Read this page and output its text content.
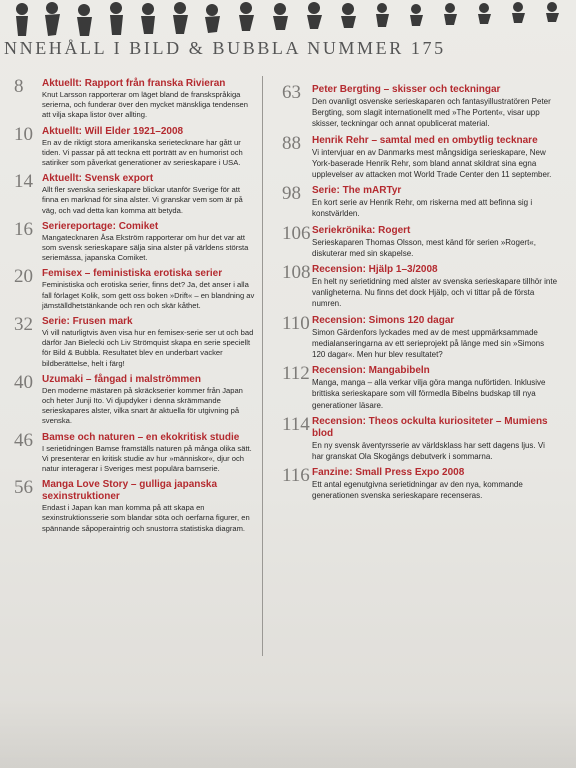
NNEHÅLL I BILD & BUBBLA NUMMER 175
8 Aktuellt: Rapport från franska Rivieran
Knut Larsson rapporterar om läget bland de franskspråkiga serierna, och funderar över den mycket mänskliga tendensen att vilja skapa listor över allting.
10 Aktuellt: Will Elder 1921–2008
En av de riktigt stora amerikanska serietecknare har gått ur tiden. Vi passar på att teckna ett porträtt av en humorist och satiriker som påverkat generationer av serieskapare i USA.
14 Aktuellt: Svensk export
Allt fler svenska serieskapare blickar utanför Sverige för att finna en marknad för sina alster. Vi granskar vem som är på väg, och vad detta kan komma att betyda.
16 Seriereportage: Comiket
Mangatecknaren Åsa Ekström rapporterar om hur det var att som svensk serieskapare sälja sina alster på världens största seriemässa, japanska Comiket.
20 Femisex – feministiska erotiska serier
Feministiska och erotiska serier, finns det? Ja, det anser i alla fall förlaget Kolik, som gett oss boken »Drift« – en blandning av jämställdhetstänkande och ren och skär kåthet.
32 Serie: Frusen mark
Vi vill naturligtvis även visa hur en femisex-serie ser ut och bad därför Jan Bielecki och Liv Strömquist skapa en serie speciellt för Bild & Bubbla. Resultatet blev en underbart vacker bildberättelse, helt i färg!
40 Uzumaki – fångad i malströmmen
Den moderne mästaren på skräckserier kommer från Japan och heter Junji Ito. Vi djupdyker i denna skrämmande serieskapares alster, vilka snart är aktuella för utgivning på svenska.
46 Bamse och naturen – en ekokritisk studie
I serietidningen Bamse framställs naturen på många olika sätt. Vi presenterar en kritisk studie av hur »människor«, djur och natur interagerar i Sveriges mest populära barnserie.
56 Manga Love Story – gulliga japanska sexinstruktioner
Endast i Japan kan man komma på att skapa en sexinstruktionsserie som blandar söta och oerfarna figurer, en spännande såpoperaintrig och snustorra statistiska diagram.
63 Peter Bergting – skisser och teckningar
Den ovanligt osvenske serieskaparen och fantasyillustratören Peter Bergting, som slagit internationellt med »The Portent«, visar upp skisser, teckningar och annat opublicerat material.
88 Henrik Rehr – samtal med en ombytlig tecknare
Vi intervjuar en av Danmarks mest mångsidiga serieskapare, New York-baserade Henrik Rehr, som bland annat skildrat sina egna upplevelser av attacken mot World Trade Center den 11 september.
98 Serie: The mARTyr
En kort serie av Henrik Rehr, om riskerna med att befinna sig i konstvärlden.
106 Seriekrönika: Rogert
Serieskaparen Thomas Olsson, mest känd för serien »Rogert«, diskuterar med sin skapelse.
108 Recension: Hjälp 1–3/2008
En helt ny serietidning med alster av svenska serieskapare tillhör inte vanligheterna. Nu finns det dock Hjälp, och vi tittar på de första numren.
110 Recension: Simons 120 dagar
Simon Gärdenfors lyckades med av de mest uppmärksammade medialanseringarna av ett serieprojekt på länge med sin »Simons 120 dagar«. Men hur blev resultatet?
112 Recension: Mangabibeln
Manga, manga – alla verkar vilja göra manga nuförtiden. Inklusive brittiska serieskapare som vill förmedla Bibelns budskap till nya generationer läsare.
114 Recension: Theos ockulta kuriositeter – Mumiens blod
En ny svensk äventyrsserie av världsklass har sett dagens ljus. Vi har granskat Ola Skogängs debutverk i sommarna.
116 Fanzine: Small Press Expo 2008
Ett antal egenutgivna serietidningar av den nya, kommande generationen svenska serieskapare recenseras.
